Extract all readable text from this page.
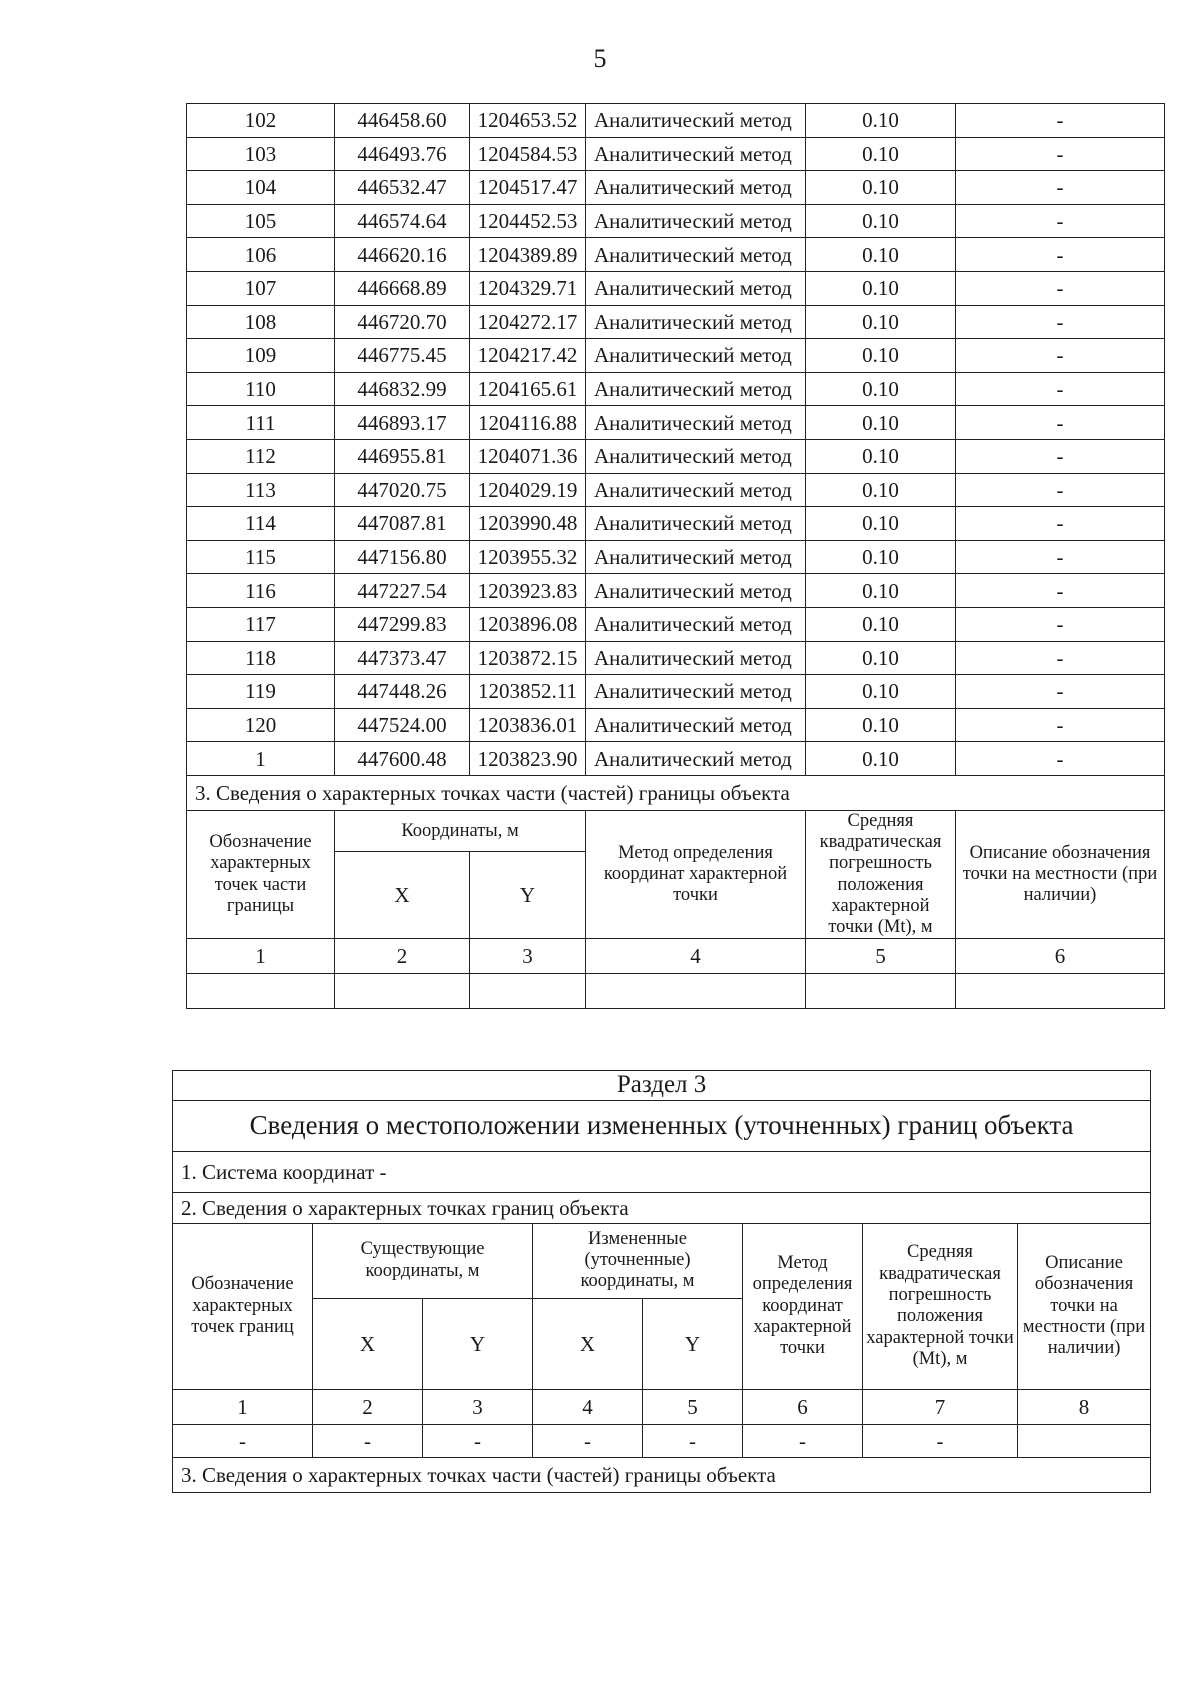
5
102	446458.60	1204653.52	Аналитический метод	0.10	-
103	446493.76	1204584.53	Аналитический метод	0.10	-
104	446532.47	1204517.47	Аналитический метод	0.10	-
105	446574.64	1204452.53	Аналитический метод	0.10	-
106	446620.16	1204389.89	Аналитический метод	0.10	-
107	446668.89	1204329.71	Аналитический метод	0.10	-
108	446720.70	1204272.17	Аналитический метод	0.10	-
109	446775.45	1204217.42	Аналитический метод	0.10	-
110	446832.99	1204165.61	Аналитический метод	0.10	-
111	446893.17	1204116.88	Аналитический метод	0.10	-
112	446955.81	1204071.36	Аналитический метод	0.10	-
113	447020.75	1204029.19	Аналитический метод	0.10	-
114	447087.81	1203990.48	Аналитический метод	0.10	-
115	447156.80	1203955.32	Аналитический метод	0.10	-
116	447227.54	1203923.83	Аналитический метод	0.10	-
117	447299.83	1203896.08	Аналитический метод	0.10	-
118	447373.47	1203872.15	Аналитический метод	0.10	-
119	447448.26	1203852.11	Аналитический метод	0.10	-
120	447524.00	1203836.01	Аналитический метод	0.10	-
1	447600.48	1203823.90	Аналитический метод	0.10	-
3. Сведения о характерных точках части (частей) границы объекта					
Обозначение характерных точек части границы	Координаты, м		Метод определения координат характерной точки	Средняя квадратическая погрешность положения характерной точки (Mt), м	Описание обозначения точки на местности (при наличии)
	X	Y			
1	2	3	4	5	6

Раздел 3							
Сведения о местоположении измененных (уточненных) границ объекта							
1. Система координат -							
2. Сведения о характерных точках границ объекта							
Обозначение характерных точек границ	Существующие координаты, м		Измененные (уточненные) координаты, м		Метод определения координат характерной точки	Средняя квадратическая погрешность положения характерной точки (Mt), м	Описание обозначения точки на местности (при наличии)
	X	Y	X	Y			
1	2	3	4	5	6	7	8
-	-	-	-	-	-	-	
3. Сведения о характерных точках части (частей) границы объекта							
